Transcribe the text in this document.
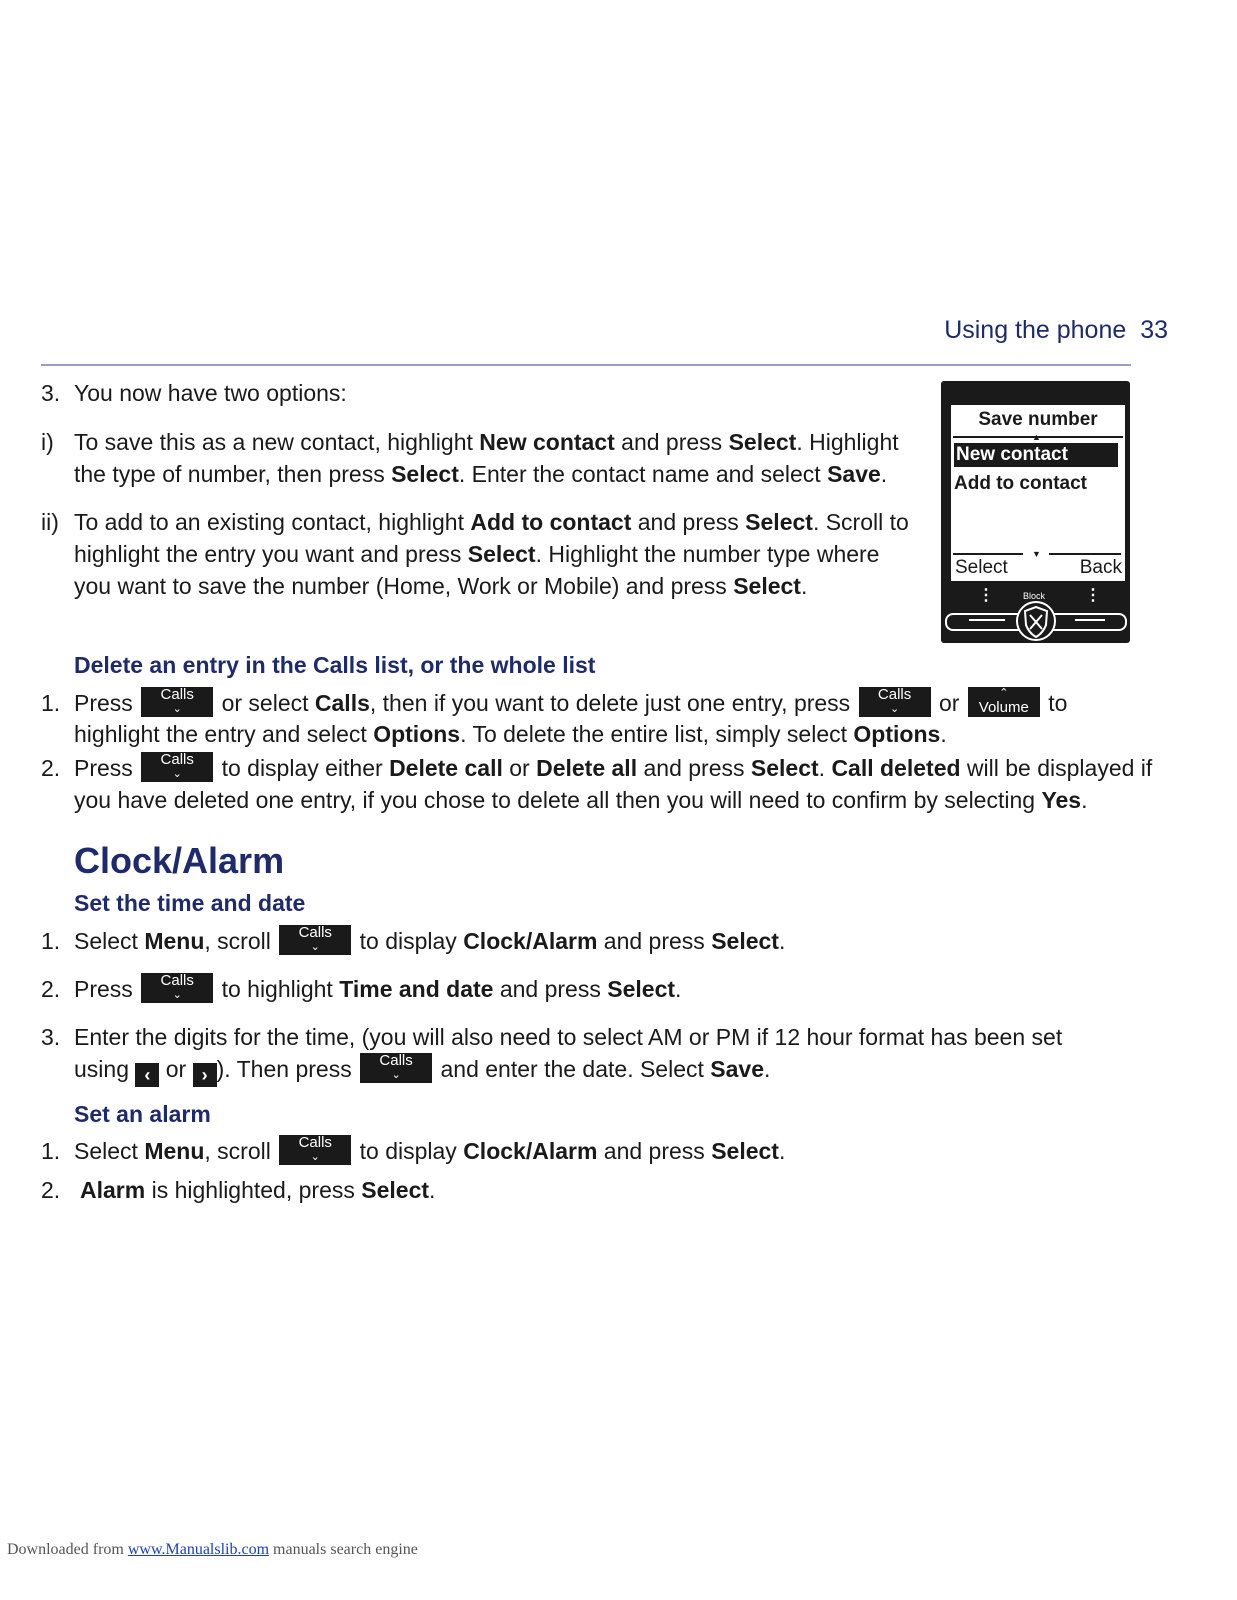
Using the phone 33
3. You now have two options:
i) To save this as a new contact, highlight New contact and press Select. Highlight
the type of number, then press Select. Enter the contact name and select Save.
ii) To add to an existing contact, highlight Add to contact and press Select. Scroll to
highlight the entry you want and press Select. Highlight the number type where
you want to save the number (Home, Work or Mobile) and press Select.
Save number
▲
New contact
Add to contact
▼
Select	Back
⋮	⋮
Block
Delete an entry in the Calls list, or the whole list
1. Press	Calls
⌄	or select Calls, then if you want to delete just one entry, press	Calls
⌄	or	⌃
Volume to
highlight the entry and select Options. To delete the entire list, simply select Options.
2. Press	Calls
⌄	to display either Delete call or Delete all and press Select. Call deleted will be displayed if
you have deleted one entry, if you chose to delete all then you will need to confirm by selecting Yes.
Clock/Alarm
Set the time and date
1. Select Menu, scroll	Calls
⌄	to display Clock/Alarm and press Select.
2. Press	Calls
⌄	to highlight Time and date and press Select.
3. Enter the digits for the time, (you will also need to select AM or PM if 12 hour format has been set
using ‹ or › ). Then press	Calls
⌄	and enter the date. Select Save.
Set an alarm
1. Select Menu, scroll	Calls
⌄	to display Clock/Alarm and press Select.
2. Alarm is highlighted, press Select.
Downloaded from www.Manualslib.com manuals search engine
